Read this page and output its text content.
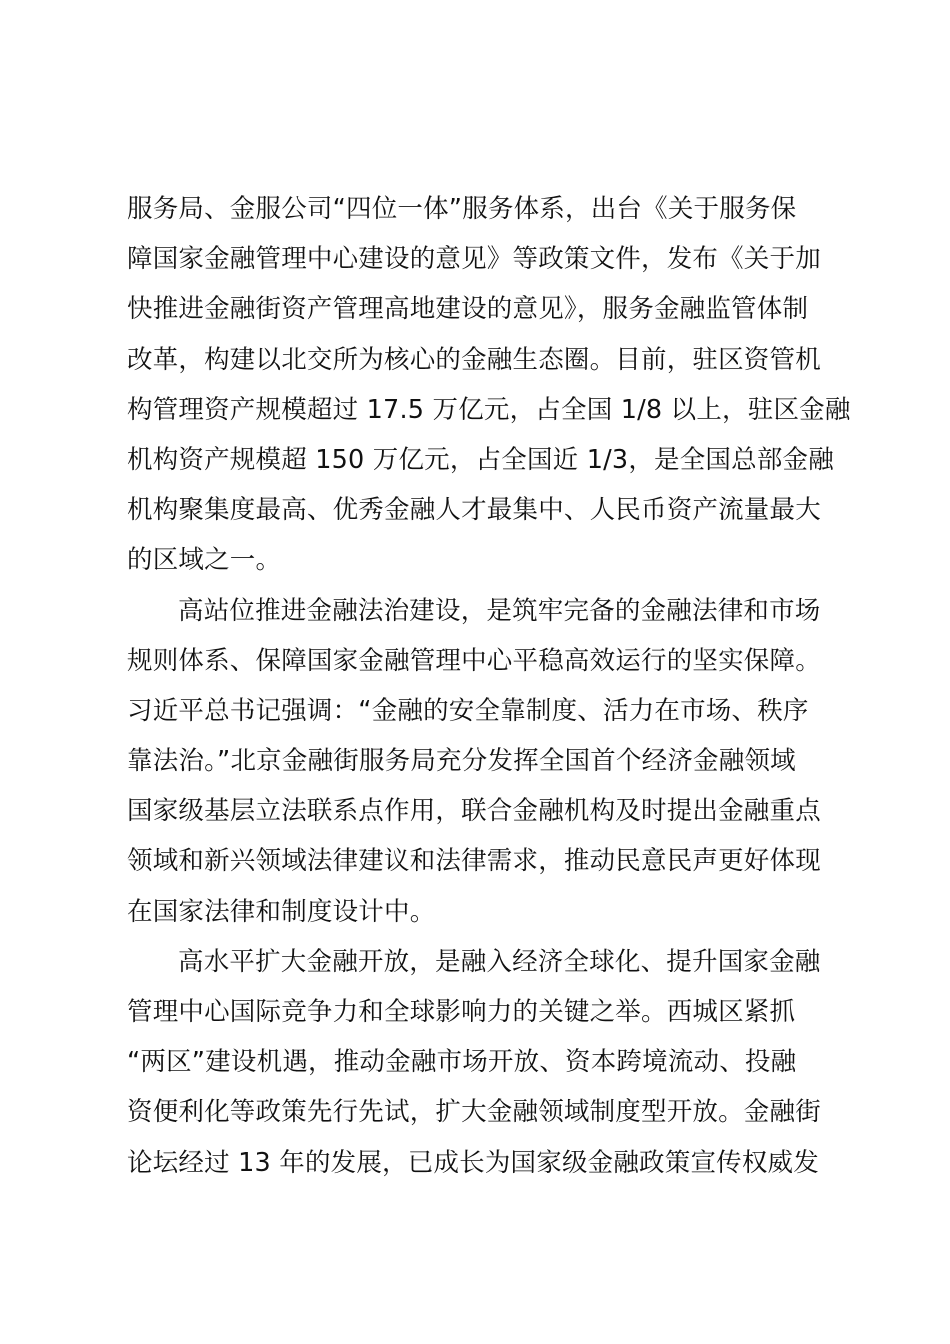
服务局、金服公司“四位一体”服务体系，出台《关于服务保
障国家金融管理中心建设的意见》等政策文件，发布《关于加
快推进金融街资产管理高地建设的意见》，服务金融监管体制
改革，构建以北交所为核心的金融生态圈。目前，驻区资管机
构管理资产规模超过 17.5 万亿元，占全国 1/8 以上，驻区金融
机构资产规模超 150 万亿元，占全国近 1/3，是全国总部金融
机构聚集度最高、优秀金融人才最集中、人民币资产流量最大
的区域之一。
高站位推进金融法治建设，是筑牢完备的金融法律和市场
规则体系、保障国家金融管理中心平稳高效运行的坚实保障。
习近平总书记强调：“金融的安全靠制度、活力在市场、秩序
靠法治。”北京金融街服务局充分发挥全国首个经济金融领域
国家级基层立法联系点作用，联合金融机构及时提出金融重点
领域和新兴领域法律建议和法律需求，推动民意民声更好体现
在国家法律和制度设计中。
高水平扩大金融开放，是融入经济全球化、提升国家金融
管理中心国际竞争力和全球影响力的关键之举。西城区紧抓
“两区”建设机遇，推动金融市场开放、资本跨境流动、投融
资便利化等政策先行先试，扩大金融领域制度型开放。金融街
论坛经过 13 年的发展，已成长为国家级金融政策宣传权威发
